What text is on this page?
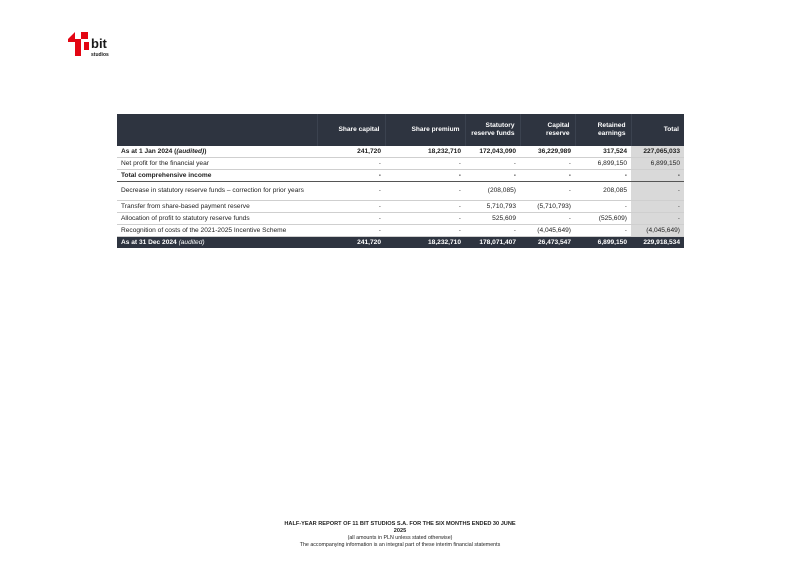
bit
studios
	Share capital	Share premium	Statutory reserve funds	Capital reserve	Retained earnings	Total
As at 1 Jan 2024 ((audited))	241,720	18,232,710	172,043,090	36,229,989	317,524	227,065,033
Net profit for the financial year	-	-	-	-	6,899,150	6,899,150
Total comprehensive income	-	-	-	-	-	-
Decrease in statutory reserve funds – correction for prior years	-	-	(208,085)	-	208,085	-
Transfer from share-based payment reserve	-	-	5,710,793	(5,710,793)	-	-
Allocation of profit to statutory reserve funds	-	-	525,609	-	(525,609)	-
Recognition of costs of the 2021-2025 Incentive Scheme	-	-	-	(4,045,649)	-	(4,045,649)
As at 31 Dec 2024 (audited)	241,720	18,232,710	178,071,407	26,473,547	6,899,150	229,918,534
HALF-YEAR REPORT OF 11 BIT STUDIOS S.A. FOR THE SIX MONTHS ENDED 30 JUNE
2025
(all amounts in PLN unless stated otherwise)
The accompanying information is an integral part of these interim financial statements
